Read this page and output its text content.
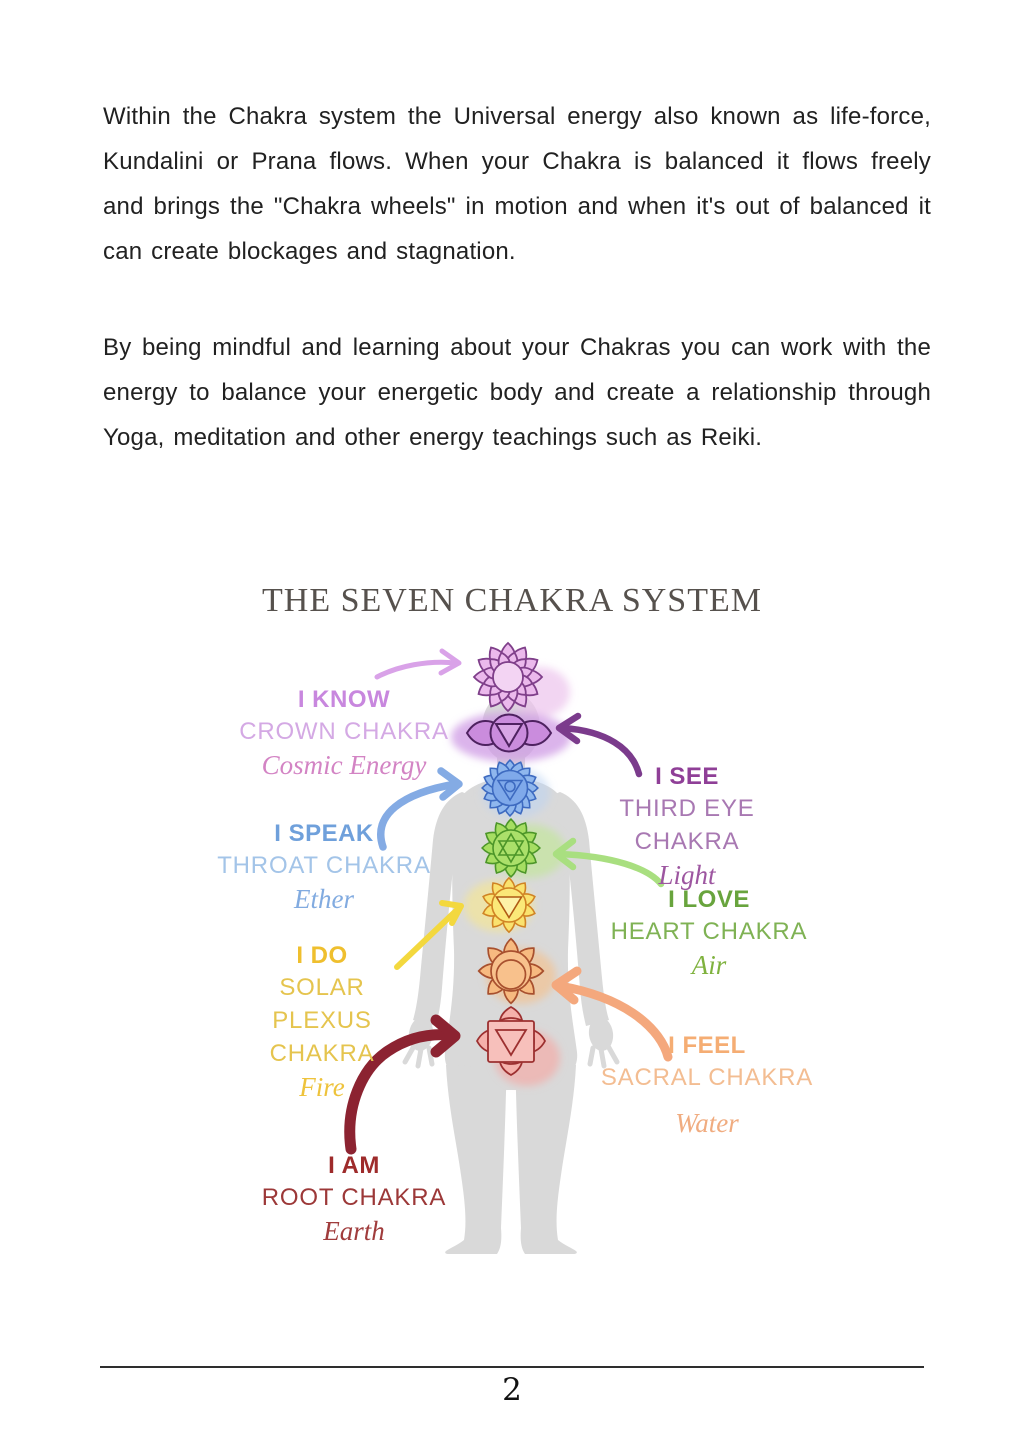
Within the Chakra system the Universal energy also known as life-force, Kundalini or Prana flows. When your Chakra is balanced it flows freely and brings the "Chakra wheels" in motion and when it's out of balanced it can create blockages and stagnation.

By being mindful and learning about your Chakras you can work with the energy to balance your energetic body and create a relationship through Yoga, meditation and other energy teachings such as Reiki.

THE SEVEN CHAKRA SYSTEM
I KNOW
CROWN CHAKRA
Cosmic Energy	I SEE
THIRD EYE CHAKRA
Light
I SPEAK
THROAT CHAKRA
Ether	I LOVE
HEART CHAKRA
Air
I DO
SOLAR PLEXUS CHAKRA
Fire
I FEEL
SACRAL CHAKRA
Water
I AM
ROOT CHAKRA
Earth
2
